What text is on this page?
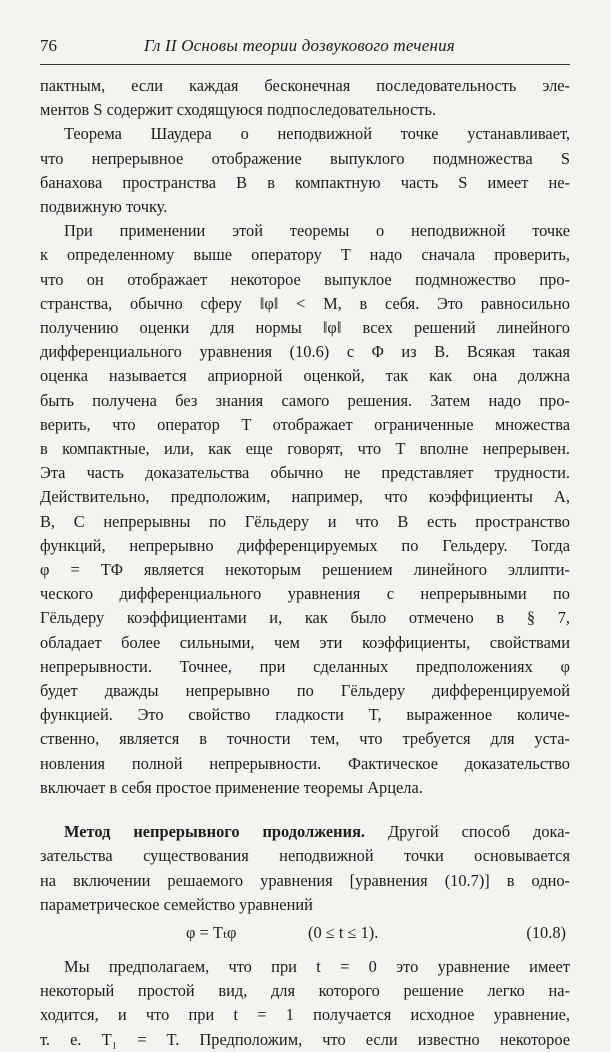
76	Гл II Основы теории дозвукового течения

пактным, если каждая бесконечная последовательность эле-

ментов S содержит сходящуюся подпоследовательность.

Теорема Шаудера о неподвижной точке устанавливает,

что непрерывное отображение выпуклого подмножества S

банахова пространства B в компактную часть S имеет не-

подвижную точку.

При применении этой теоремы о неподвижной точке

к определенному выше оператору T надо сначала проверить,

что он отображает некоторое выпуклое подмножество про-

странства, обычно сферу ‖φ‖ < M, в себя. Это равносильно

получению оценки для нормы ‖φ‖ всех решений линейного

дифференциального уравнения (10.6) с Φ из B. Всякая такая

оценка называется априорной оценкой, так как она должна

быть получена без знания самого решения. Затем надо про-

верить, что оператор T отображает ограниченные множества

в компактные, или, как еще говорят, что T вполне непрерывен.

Эта часть доказательства обычно не представляет трудности.

Действительно, предположим, например, что коэффициенты A,

B, C непрерывны по Гёльдеру и что B есть пространство

функций, непрерывно дифференцируемых по Гельдеру. Тогда

φ = TΦ является некоторым решением линейного эллипти-

ческого дифференциального уравнения с непрерывными по

Гёльдеру коэффициентами и, как было отмечено в § 7,

обладает более сильными, чем эти коэффициенты, свойствами

непрерывности. Точнее, при сделанных предположениях φ

будет дважды непрерывно по Гёльдеру дифференцируемой

функцией. Это свойство гладкости T, выраженное количе-

ственно, является в точности тем, что требуется для уста-

новления полной непрерывности. Фактическое доказательство

включает в себя простое применение теоремы Арцела.

Метод непрерывного продолжения. Другой способ дока-

зательства существования неподвижной точки основывается

на включении решаемого уравнения [уравнения (10.7)] в одно-

параметрическое семейство уравнений

φ = Tₜφ	(0 ≤ t ≤ 1).	(10.8)

Мы предполагаем, что при t = 0 это уравнение имеет

некоторый простой вид, для которого решение легко на-

ходится, и что при t = 1 получается исходное уравнение,

т. е. T₁ = T. Предположим, что если известно некоторое
